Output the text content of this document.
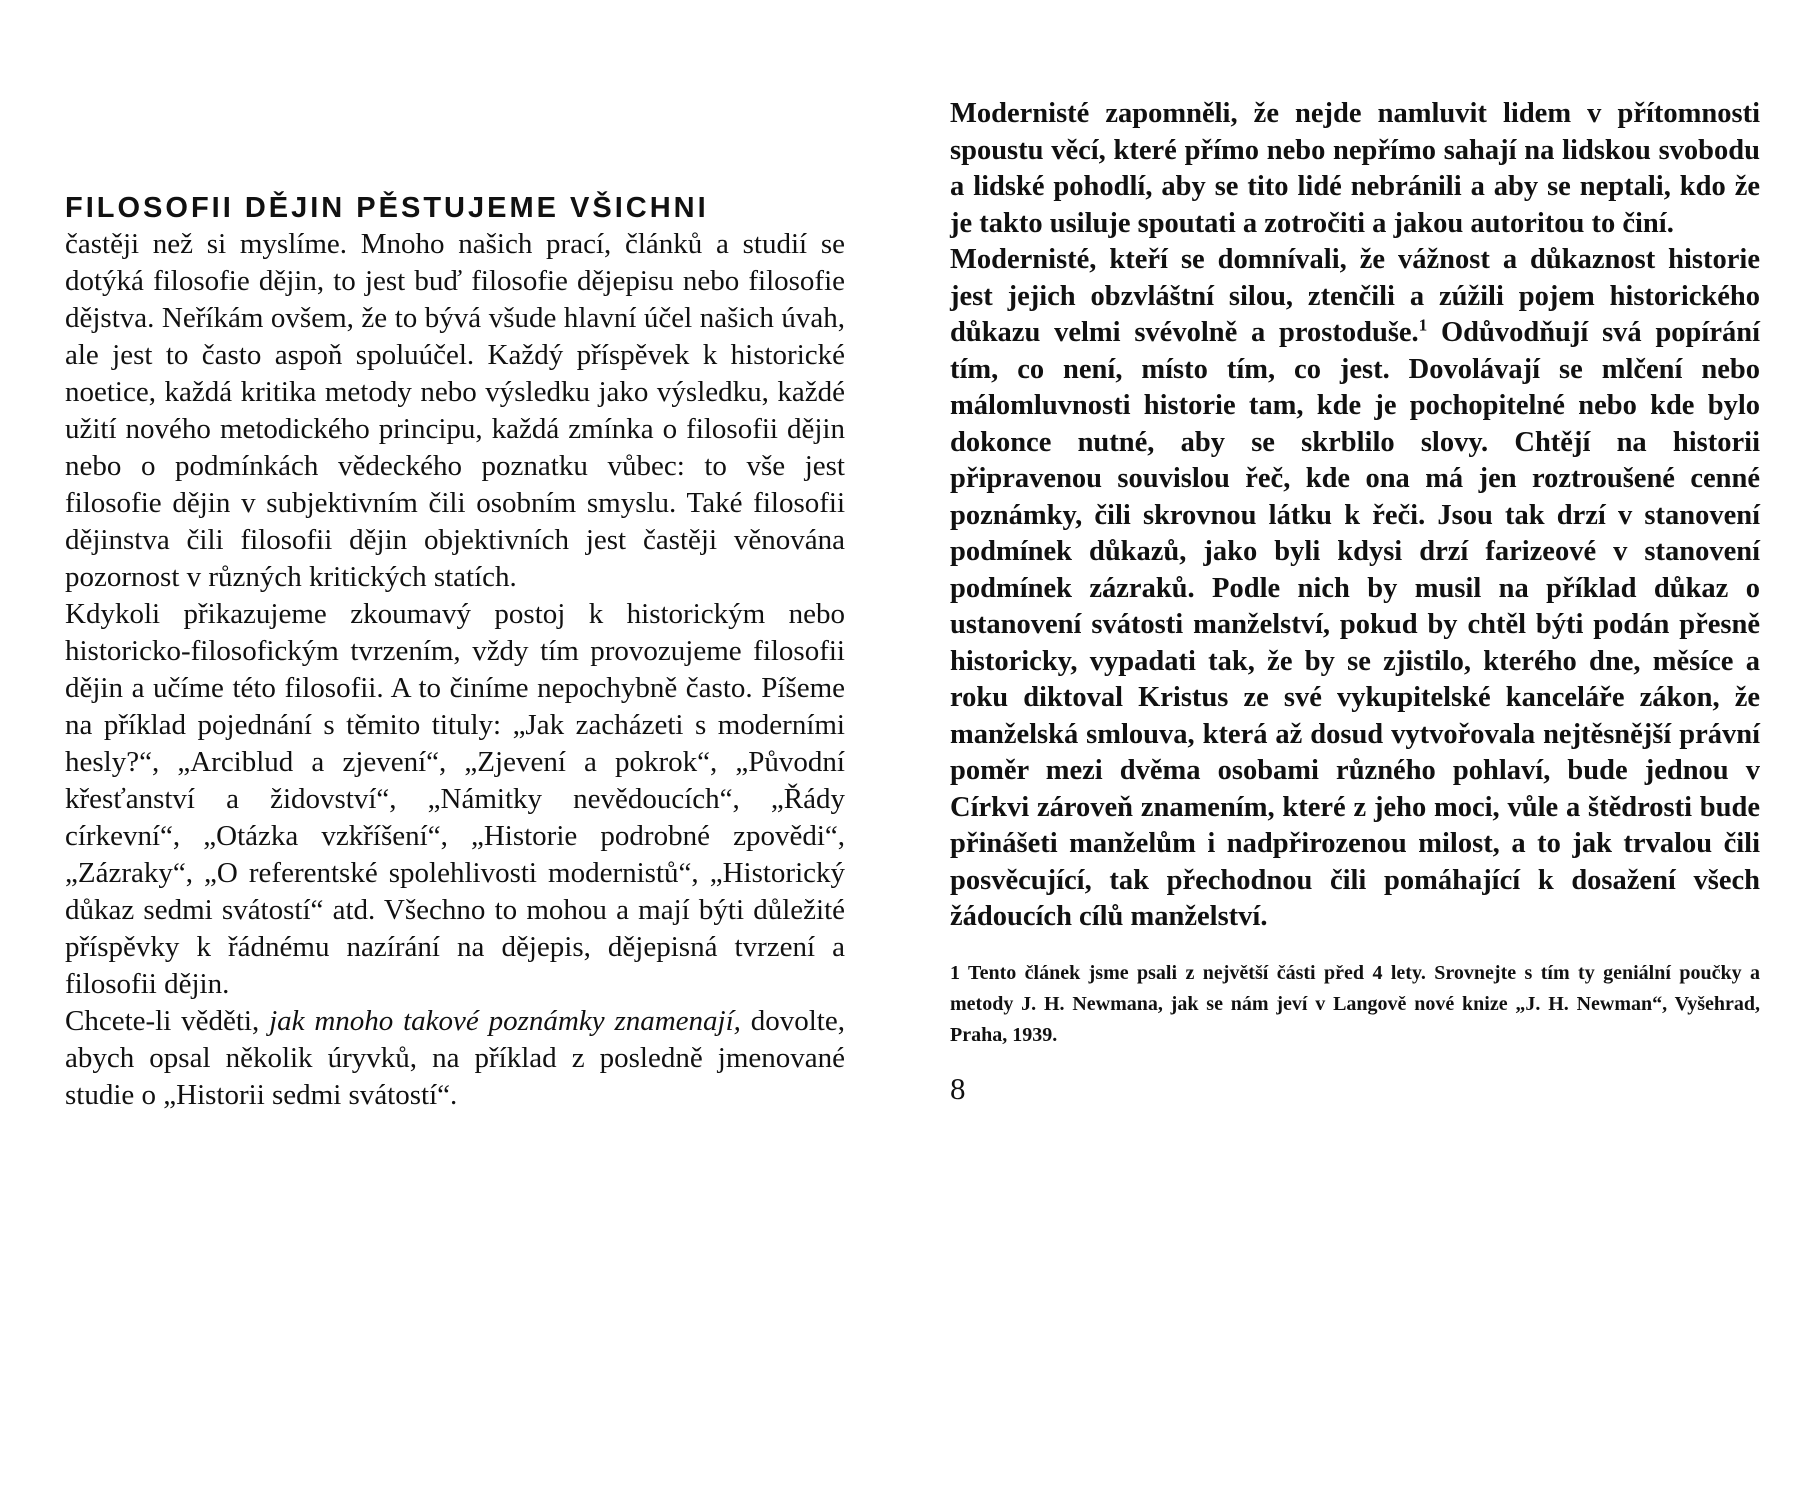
FILOSOFII DĚJIN PĚSTUJEME VŠICHNI

častěji než si myslíme. Mnoho našich prací, článků a studií se dotýká filosofie dějin, to jest buď filosofie dějepisu nebo filosofie dějstva. Neříkám ovšem, že to bývá všude hlavní účel našich úvah, ale jest to často aspoň spoluúčel. Každý příspěvek k historické noetice, každá kritika metody nebo výsledku jako výsledku, každé užití nového metodického principu, každá zmínka o filosofii dějin nebo o podmínkách vědeckého poznatku vůbec: to vše jest filosofie dějin v subjektivním čili osobním smyslu. Také filosofii dějinstva čili filosofii dějin objektivních jest častěji věnována pozornost v různých kritických statích.

Kdykoli přikazujeme zkoumavý postoj k historickým nebo historicko-filosofickým tvrzením, vždy tím provozujeme filosofii dějin a učíme této filosofii. A to činíme nepochybně často. Píšeme na příklad pojednání s těmito tituly: „Jak zacházeti s moderními hesly?“, „Arciblud a zjevení“, „Zjevení a pokrok“, „Původní křesťanství a židovství“, „Námitky nevědoucích“, „Řády církevní“, „Otázka vzkříšení“, „Historie podrobné zpovědi“, „Zázraky“, „O referentské spolehlivosti modernistů“, „Historický důkaz sedmi svátostí“ atd. Všechno to mohou a mají býti důležité příspěvky k řádnému nazírání na dějepis, dějepisná tvrzení a filosofii dějin.

Chcete-li věděti, jak mnoho takové poznámky znamenají, dovolte, abych opsal několik úryvků, na příklad z posledně jmenované studie o „Historii sedmi svátostí“.

Modernisté zapomněli, že nejde namluvit lidem v přítomnosti spoustu věcí, které přímo nebo nepřímo sahají na lidskou svobodu a lidské pohodlí, aby se tito lidé nebránili a aby se neptali, kdo že je takto usiluje spoutati a zotročiti a jakou autoritou to činí.

Modernisté, kteří se domnívali, že vážnost a důkaznost historie jest jejich obzvláštní silou, ztenčili a zúžili pojem historického důkazu velmi svévolně a prostoduše.$^1$ Odůvodňují svá popírání tím, co není, místo tím, co jest. Dovolávají se mlčení nebo málomluvnosti historie tam, kde je pochopitelné nebo kde bylo dokonce nutné, aby se skrblilo slovy. Chtějí na historii připravenou souvislou řeč, kde ona má jen roztroušené cenné poznámky, čili skrovnou látku k řeči. Jsou tak drzí v stanovení podmínek důkazů, jako byli kdysi drzí farizeové v stanovení podmínek zázraků. Podle nich by musil na příklad důkaz o ustanovení svátosti manželství, pokud by chtěl býti podán přesně historicky, vypadati tak, že by se zjistilo, kterého dne, měsíce a roku diktoval Kristus ze své vykupitelské kanceláře zákon, že manželská smlouva, která až dosud vytvořovala nejtěsnější právní poměr mezi dvěma osobami různého pohlaví, bude jednou v Církvi zároveň znamením, které z jeho moci, vůle a štědrosti bude přinášeti manželům i nadpřirozenou milost, a to jak trvalou čili posvěcující, tak přechodnou čili pomáhající k dosažení všech žádoucích cílů manželství.

1 Tento článek jsme psali z největší části před 4 lety. Srovnejte s tím ty geniální poučky a metody J. H. Newmana, jak se nám jeví v Langově nové knize „J. H. Newman“, Vyšehrad, Praha, 1939.

8
